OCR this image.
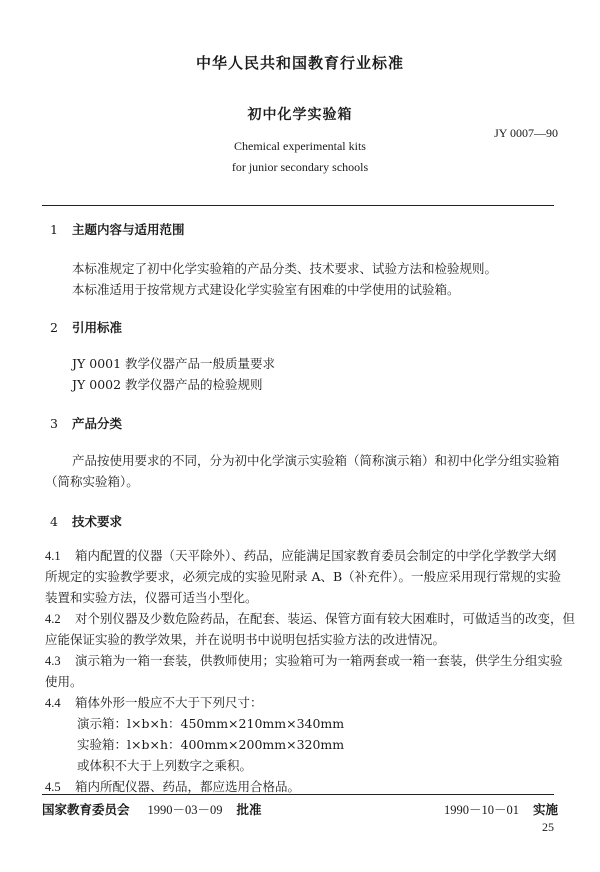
中华人民共和国教育行业标准
初中化学实验箱
JY 0007—90
Chemical experimental kits
for junior secondary schools
1 主题内容与适用范围
本标准规定了初中化学实验箱的产品分类、技术要求、试验方法和检验规则。
本标准适用于按常规方式建设化学实验室有困难的中学使用的试验箱。
2 引用标准
JY 0001 教学仪器产品一般质量要求
JY 0002 教学仪器产品的检验规则
3 产品分类
产品按使用要求的不同，分为初中化学演示实验箱（简称演示箱）和初中化学分组实验箱
（简称实验箱）。
4 技术要求
4.1 箱内配置的仪器（天平除外）、药品，应能满足国家教育委员会制定的中学化学教学大纲
所规定的实验教学要求，必须完成的实验见附录 A、B（补充件）。一般应采用现行常规的实验
装置和实验方法，仪器可适当小型化。
4.2 对个别仪器及少数危险药品，在配套、装运、保管方面有较大困难时，可做适当的改变，但
应能保证实验的教学效果，并在说明书中说明包括实验方法的改进情况。
4.3 演示箱为一箱一套装，供教师使用；实验箱可为一箱两套或一箱一套装，供学生分组实验
使用。
4.4 箱体外形一般应不大于下列尺寸：
演示箱：l×b×h：450mm×210mm×340mm
实验箱：l×b×h：400mm×200mm×320mm
或体积不大于上列数字之乘积。
4.5 箱内所配仪器、药品，都应选用合格品。
国家教育委员会 1990－03－09 批准	1990－10－01 实施
25
